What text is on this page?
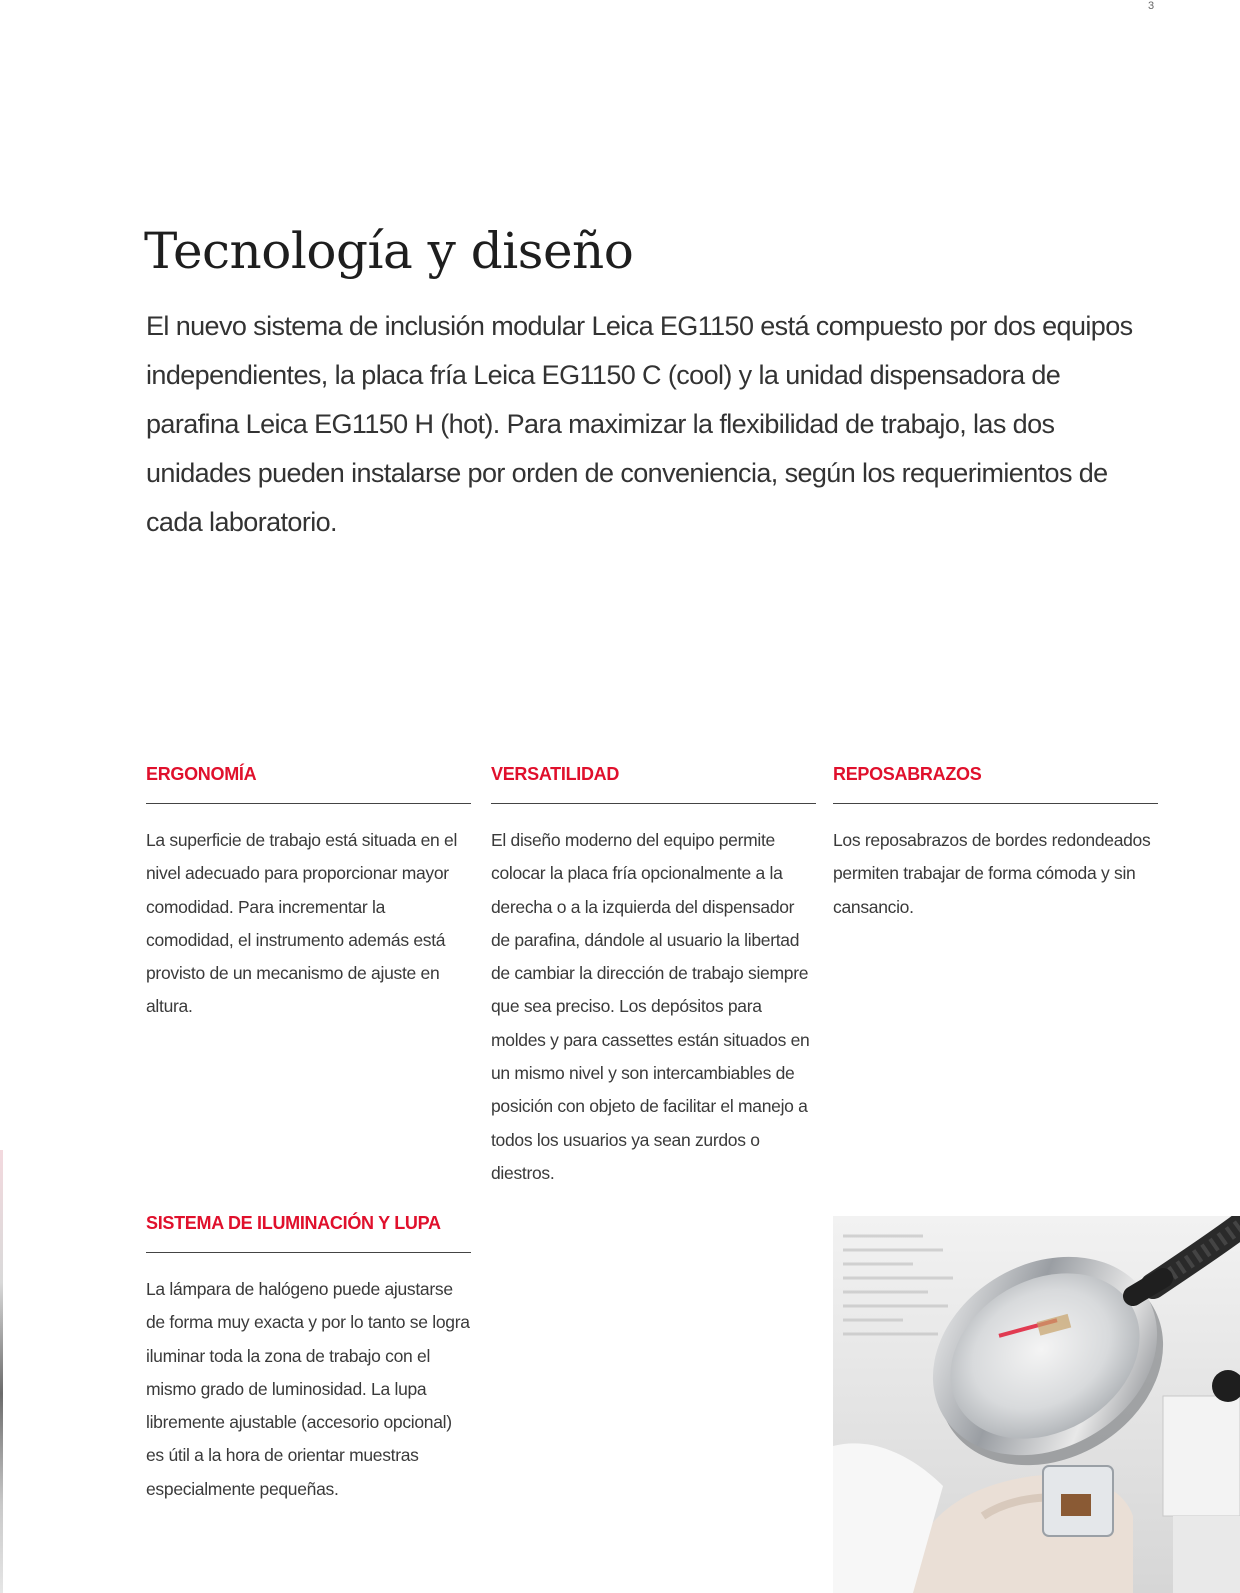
3
Tecnología y diseño

El nuevo sistema de inclusión modular Leica EG1150 está compuesto por dos equipos independientes, la placa fría Leica EG1150 C (cool) y la unidad dispensadora de parafina Leica EG1150 H (hot). Para maximizar la flexibilidad de trabajo, las dos unidades pueden instalarse por orden de conveniencia, según los requerimientos de cada laboratorio.

ERGONOMÍA

La superficie de trabajo está situada en el nivel adecuado para proporcionar mayor comodidad. Para incrementar la comodidad, el instrumento además está provisto de un mecanismo de ajuste en altura.

VERSATILIDAD

El diseño moderno del equipo permite colocar la placa fría opcionalmente a la derecha o a la izquierda del dispensador de parafina, dándole al usuario la libertad de cambiar la dirección de trabajo siempre que sea preciso. Los depósitos para moldes y para cassettes están situados en un mismo nivel y son intercambiables de posición con objeto de facilitar el manejo a todos los usuarios ya sean zurdos o diestros.

REPOSABRAZOS

Los reposabrazos de bordes redondeados permiten trabajar de forma cómoda y sin cansancio.

SISTEMA DE ILUMINACIÓN Y LUPA

La lámpara de halógeno puede ajustarse de forma muy exacta y por lo tanto se logra iluminar toda la zona de trabajo con el mismo grado de luminosidad. La lupa libremente ajustable (accesorio opcional) es útil a la hora de orientar muestras especialmente pequeñas.
